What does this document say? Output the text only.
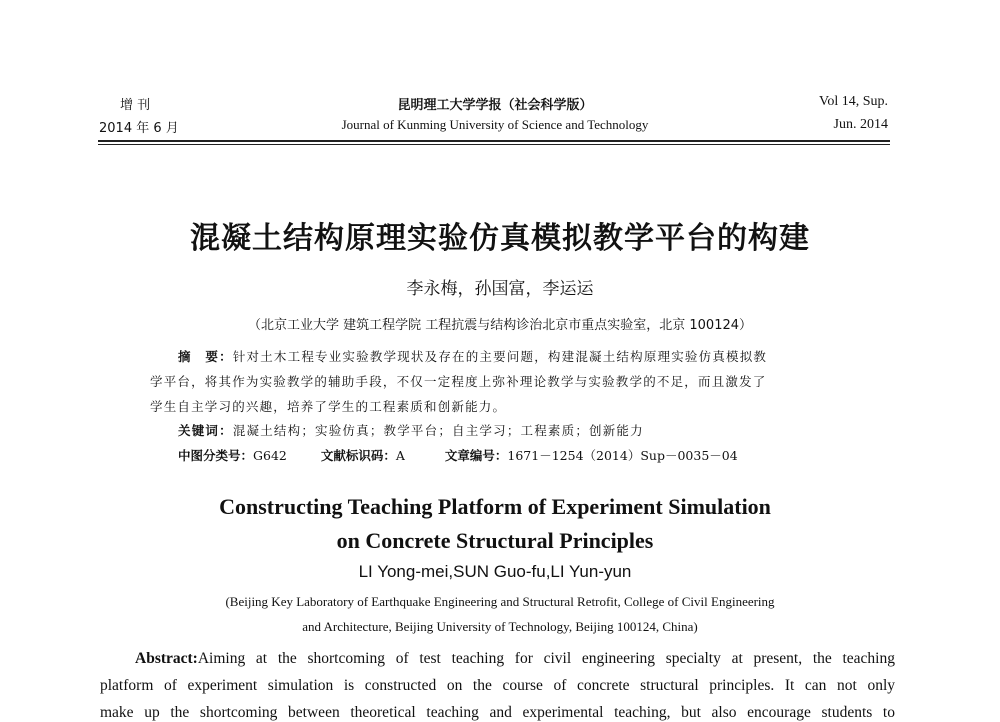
增 刊
2014 年 6 月
昆明理工大学学报（社会科学版）
Journal of Kunming University of Science and Technology
Vol 14, Sup.
Jun. 2014
混凝土结构原理实验仿真模拟教学平台的构建
李永梅，孙国富，李运运
（北京工业大学 建筑工程学院 工程抗震与结构诊治北京市重点实验室，北京 100124）
摘　要：针对土木工程专业实验教学现状及存在的主要问题，构建混凝土结构原理实验仿真模拟教
学平台，将其作为实验教学的辅助手段，不仅一定程度上弥补理论教学与实验教学的不足，而且激发了
学生自主学习的兴趣，培养了学生的工程素质和创新能力。
关键词：混凝土结构；实验仿真；教学平台；自主学习；工程素质；创新能力
中图分类号：G642	文献标识码：A	文章编号：1671－1254（2014）Sup－0035－04
Constructing Teaching Platform of Experiment Simulation
on Concrete Structural Principles
LI Yong-mei,SUN Guo-fu,LI Yun-yun
(Beijing Key Laboratory of Earthquake Engineering and Structural Retrofit, College of Civil Engineering
and Architecture, Beijing University of Technology, Beijing 100124, China)
Abstract:Aiming at the shortcoming of test teaching for civil engineering specialty at present, the teaching
platform of experiment simulation is constructed on the course of concrete structural principles. It can not only
make up the shortcoming between theoretical teaching and experimental teaching, but also encourage students to
